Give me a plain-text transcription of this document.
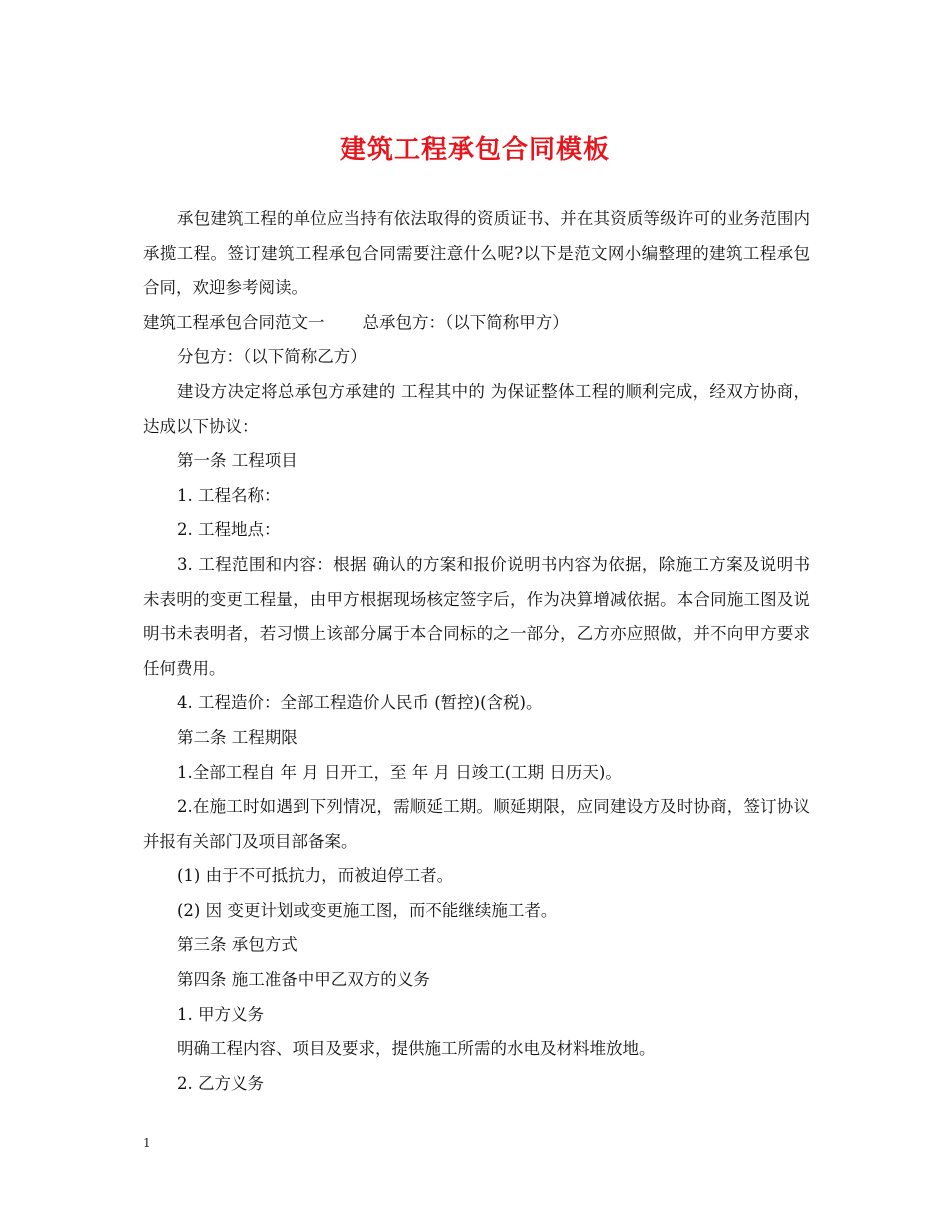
建筑工程承包合同模板

承包建筑工程的单位应当持有依法取得的资质证书、并在其资质等级许可的业务范围内承揽工程。签订建筑工程承包合同需要注意什么呢?以下是范文网小编整理的建筑工程承包合同，欢迎参考阅读。

建筑工程承包合同范文一 总承包方：（以下简称甲方）

分包方：（以下简称乙方）

建设方决定将总承包方承建的 工程其中的 为保证整体工程的顺利完成，经双方协商，达成以下协议：

第一条 工程项目

1. 工程名称：

2. 工程地点：

3. 工程范围和内容：根据 确认的方案和报价说明书内容为依据，除施工方案及说明书未表明的变更工程量，由甲方根据现场核定签字后，作为决算增减依据。本合同施工图及说明书未表明者，若习惯上该部分属于本合同标的之一部分，乙方亦应照做，并不向甲方要求任何费用。

4. 工程造价：全部工程造价人民币 (暂控)(含税)。

第二条 工程期限

1.全部工程自 年 月 日开工，至 年 月 日竣工(工期 日历天)。

2.在施工时如遇到下列情况，需顺延工期。顺延期限，应同建设方及时协商，签订协议并报有关部门及项目部备案。

(1) 由于不可抵抗力，而被迫停工者。

(2) 因 变更计划或变更施工图，而不能继续施工者。

第三条 承包方式

第四条 施工准备中甲乙双方的义务

1. 甲方义务

明确工程内容、项目及要求，提供施工所需的水电及材料堆放地。

2. 乙方义务

1
